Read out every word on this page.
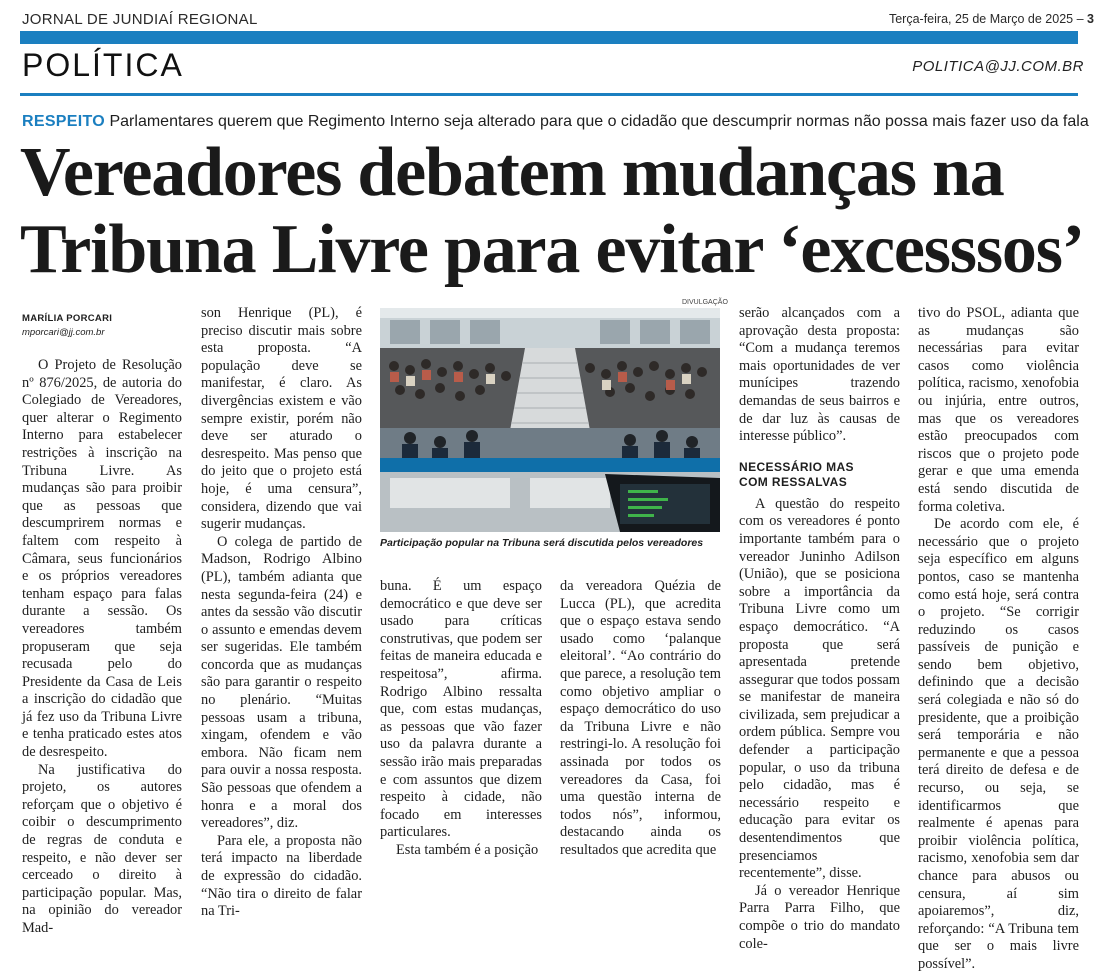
JORNAL DE JUNDIAÍ REGIONAL	Terça-feira, 25 de Março de 2025 – 3
POLÍTICA	POLITICA@JJ.COM.BR
RESPEITO Parlamentares querem que Regimento Interno seja alterado para que o cidadão que descumprir normas não possa mais fazer uso da fala
Vereadores debatem mudanças na
Tribuna Livre para evitar ‘excesssos’
MARÍLIA PORCARI
mporcari@jj.com.br

O Projeto de Resolução nº 876/2025, de autoria do Colegiado de Vereadores, quer alterar o Regimento Interno para estabelecer restrições à inscrição na Tribuna Livre. As mudanças são para proibir que as pessoas que descumprirem normas e faltem com respeito à Câmara, seus funcionários e os próprios vereadores tenham espaço para falas durante a sessão. Os vereadores também propuseram que seja recusada pelo do Presidente da Casa de Leis a inscrição do cidadão que já fez uso da Tribuna Livre e tenha praticado estes atos de desrespeito.

Na justificativa do projeto, os autores reforçam que o objetivo é coibir o descumprimento de regras de conduta e respeito, e não dever ser cerceado o direito à participação popular. Mas, na opinião do vereador Mad-

son Henrique (PL), é preciso discutir mais sobre esta proposta. “A população deve se manifestar, é claro. As divergências existem e vão sempre existir, porém não deve ser aturado o desrespeito. Mas penso que do jeito que o projeto está hoje, é uma censura”, considera, dizendo que vai sugerir mudanças.

O colega de partido de Madson, Rodrigo Albino (PL), também adianta que nesta segunda-feira (24) e antes da sessão vão discutir o assunto e emendas devem ser sugeridas. Ele também concorda que as mudanças são para garantir o respeito no plenário. “Muitas pessoas usam a tribuna, xingam, ofendem e vão embora. Não ficam nem para ouvir a nossa resposta. São pessoas que ofendem a honra e a moral dos vereadores”, diz.

Para ele, a proposta não terá impacto na liberdade de expressão do cidadão. “Não tira o direito de falar na Tri-

DIVULGAÇÃO
Participação popular na Tribuna será discutida pelos vereadores

buna. É um espaço democrático e que deve ser usado para críticas construtivas, que podem ser feitas de maneira educada e respeitosa”, afirma. Rodrigo Albino ressalta que, com estas mudanças, as pessoas que vão fazer uso da palavra durante a sessão irão mais preparadas e com assuntos que dizem respeito à cidade, não focado em interesses particulares.

Esta também é a posição

da vereadora Quézia de Lucca (PL), que acredita que o espaço estava sendo usado como ‘palanque eleitoral’. “Ao contrário do que parece, a resolução tem como objetivo ampliar o espaço democrático do uso da Tribuna Livre e não restringi-lo. A resolução foi assinada por todos os vereadores da Casa, foi uma questão interna de todos nós”, informou, destacando ainda os resultados que acredita que

serão alcançados com a aprovação desta proposta: “Com a mudança teremos mais oportunidades de ver munícipes trazendo demandas de seus bairros e de dar luz às causas de interesse público”.

NECESSÁRIO MAS
COM RESSALVAS

A questão do respeito com os vereadores é ponto importante também para o vereador Juninho Adilson (União), que se posiciona sobre a importância da Tribuna Livre como um espaço democrático. “A proposta que será apresentada pretende assegurar que todos possam se manifestar de maneira civilizada, sem prejudicar a ordem pública. Sempre vou defender a participação popular, o uso da tribuna pelo cidadão, mas é necessário respeito e educação para evitar os desentendimentos que presenciamos recentemente”, disse.

Já o vereador Henrique Parra Parra Filho, que compõe o trio do mandato cole-

tivo do PSOL, adianta que as mudanças são necessárias para evitar casos como violência política, racismo, xenofobia ou injúria, entre outros, mas que os vereadores estão preocupados com riscos que o projeto pode gerar e que uma emenda está sendo discutida de forma coletiva.

De acordo com ele, é necessário que o projeto seja específico em alguns pontos, caso se mantenha como está hoje, será contra o projeto. “Se corrigir reduzindo os casos passíveis de punição e sendo bem objetivo, definindo que a decisão será colegiada e não só do presidente, que a proibição será temporária e não permanente e que a pessoa terá direito de defesa e de recurso, ou seja, se identificarmos que realmente é apenas para proibir violência política, racismo, xenofobia sem dar chance para abusos ou censura, aí sim apoiaremos”, diz, reforçando: “A Tribuna tem que ser o mais livre possível”.
